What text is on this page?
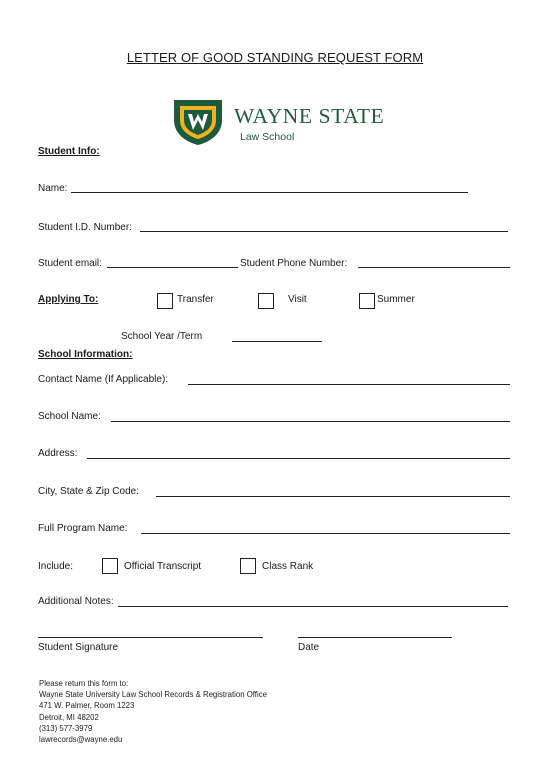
LETTER OF GOOD STANDING REQUEST FORM
WAYNE STATE
Law School
Student Info:
Name:
Student I.D. Number:
Student email:	Student Phone Number:
Applying To:	Transfer	Visit	Summer
School Year /Term
School Information:
Contact Name (If Applicable):
School Name:
Address:
City, State & Zip Code:
Full Program Name:
Include:	Official Transcript	Class Rank
Additional Notes:
Student Signature	Date
Please return this form to:
Wayne State University Law School Records & Registration Office
471 W. Palmer, Room 1223
Detroit, MI 48202
(313) 577-3979
lawrecords@wayne.edu
